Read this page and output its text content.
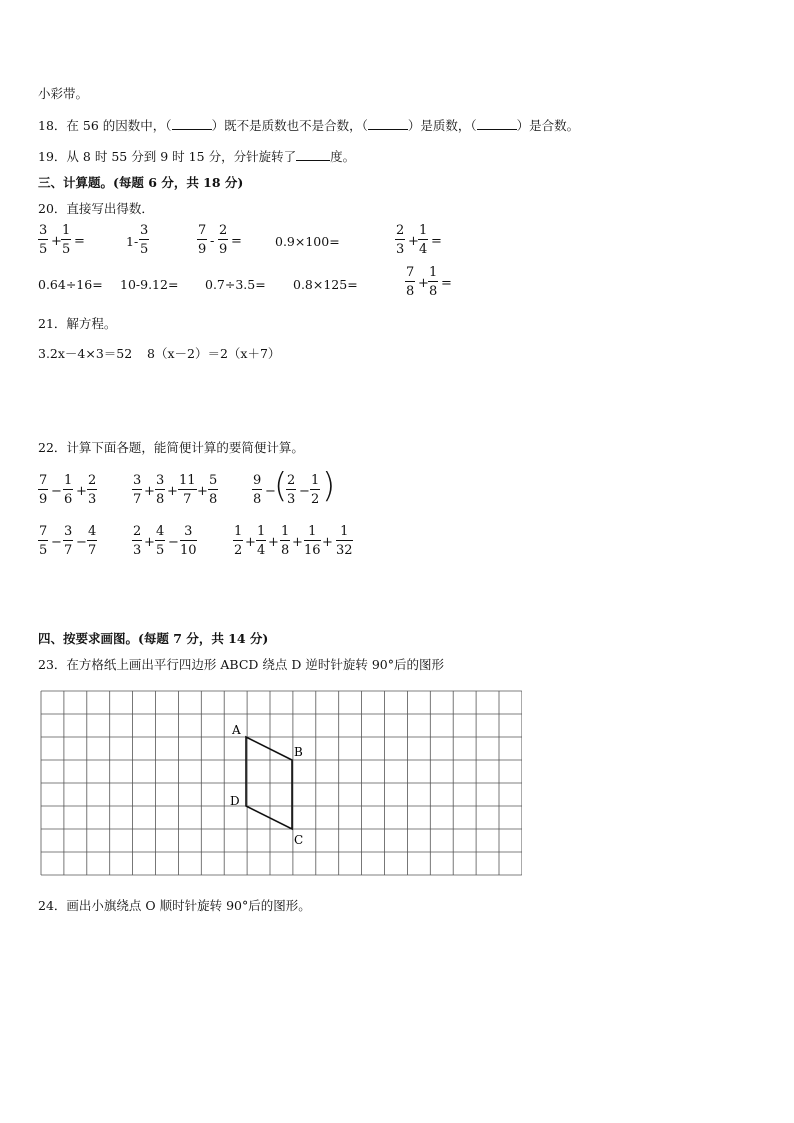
小彩带。
18．在 56 的因数中，（	）既不是质数也不是合数，（	）是质数，（	）是合数。
19．从 8 时 55 分到 9 时 15 分，分针旋转了	度。
三、计算题。(每题 6 分，共 18 分)
20．直接写出得数．
$\frac{3}{5} + \frac{1}{5}$ =	$1- \frac{3}{5}$	$\frac{7}{9} - \frac{2}{9}$ =	0.9×100=	$\frac{2}{3} + \frac{1}{4}$ =
0.64÷16= 10-9.12= 0.7÷3.5= 0.8×125=	$\frac{7}{8} + \frac{1}{8}$ =
21．解方程。
3.2x－4×3＝52 8（x－2）＝2（x＋7）
22．计算下面各题，能简便计算的要简便计算。
$\frac{7}{9} - \frac{1}{6} + \frac{2}{3}$	$\frac{3}{7} + \frac{3}{8} + \frac{11}{7} + \frac{5}{8}$	$\frac{9}{8}$ −
(
$\frac{2}{3} - \frac{1}{2}$ )
$\frac{7}{5} - \frac{3}{7} - \frac{4}{7}$	$\frac{2}{3} + \frac{4}{5} - \frac{3}{10}$	$\frac{1}{2} + \frac{1}{4} + \frac{1}{8} + \frac{1}{16} + \frac{1}{32}$
四、按要求画图。(每题 7 分，共 14 分)
23．在方格纸上画出平行四边形 ABCD 绕点 D 逆时针旋转 90°后的图形
A
B
C
D
24．画出小旗绕点 O 顺时针旋转 90°后的图形。
